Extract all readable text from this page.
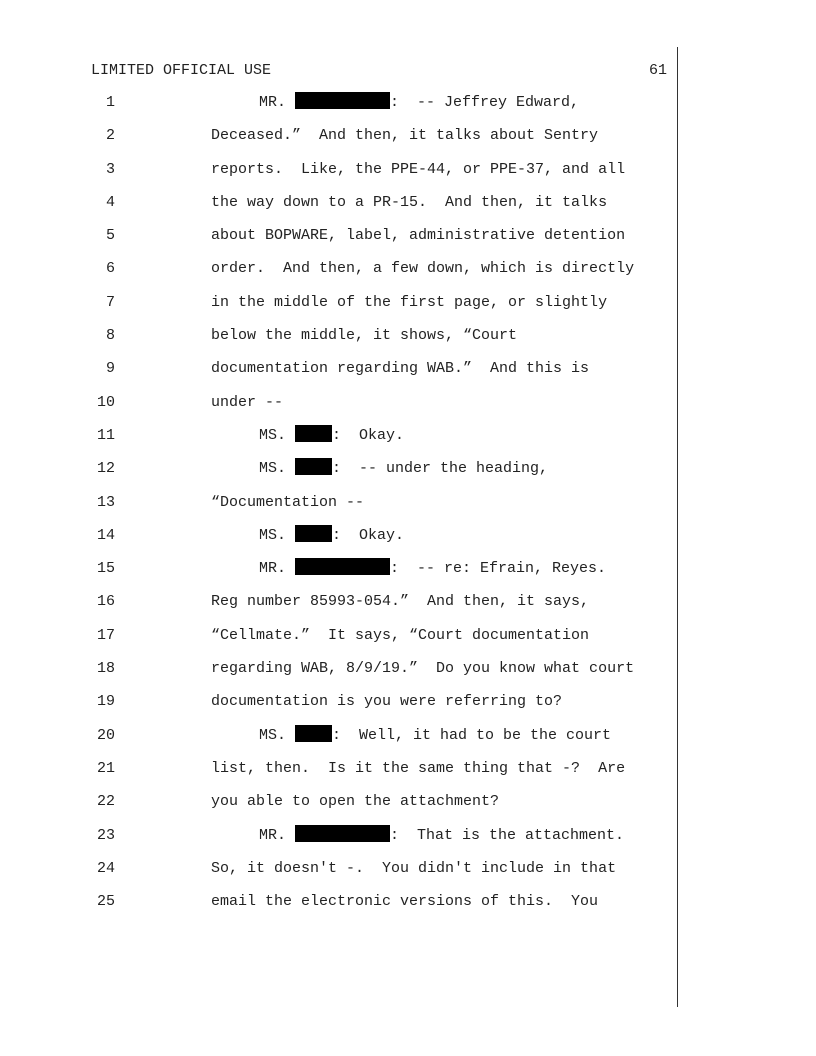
LIMITED OFFICIAL USE	61
1	MR.	:  -- Jeffrey Edward,
2	Deceased.”  And then, it talks about Sentry
3	reports.  Like, the PPE-44, or PPE-37, and all
4	the way down to a PR-15.  And then, it talks
5	about BOPWARE, label, administrative detention
6	order.  And then, a few down, which is directly
7	in the middle of the first page, or slightly
8	below the middle, it shows, “Court
9	documentation regarding WAB.”  And this is
10	under --
11	MS. :  Okay.
12	MS. :  -- under the heading,
13	“Documentation --
14	MS. :  Okay.
15	MR.	:  -- re: Efrain, Reyes.
16	Reg number 85993-054.”  And then, it says,
17	“Cellmate.”  It says, “Court documentation
18	regarding WAB, 8/9/19.”  Do you know what court
19	documentation is you were referring to?
20	MS. :  Well, it had to be the court
21	list, then.  Is it the same thing that -?  Are
22	you able to open the attachment?
23	MR.	:  That is the attachment.
24	So, it doesn't -.  You didn't include in that
25	email the electronic versions of this.  You
